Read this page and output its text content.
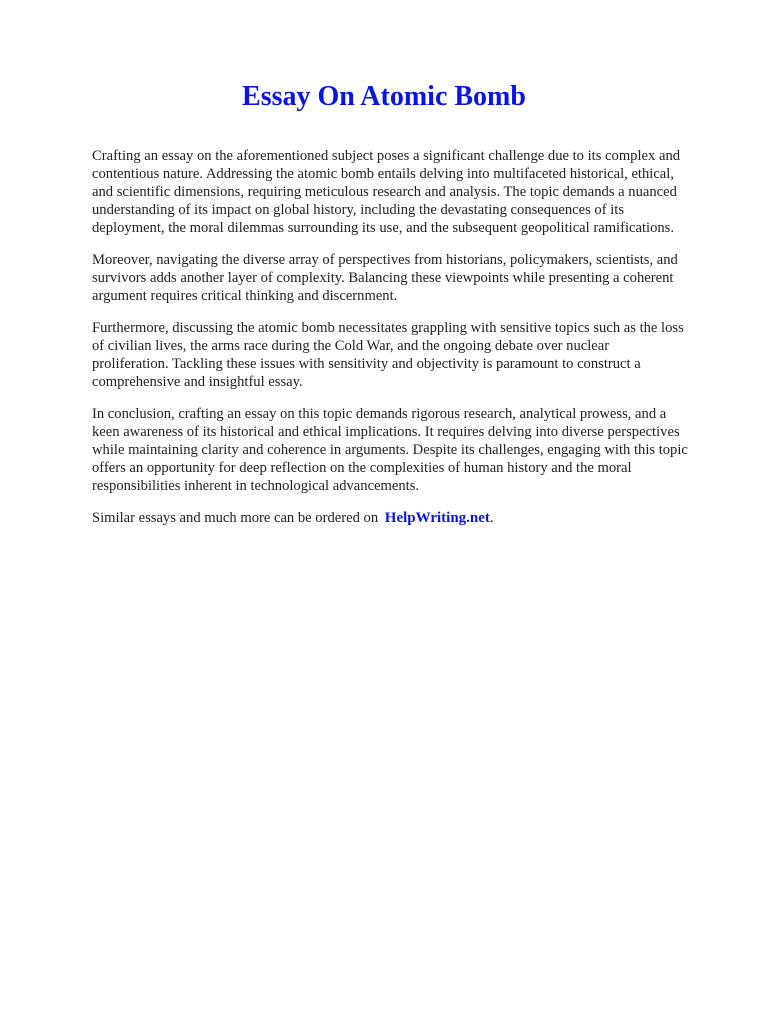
Essay On Atomic Bomb

Crafting an essay on the aforementioned subject poses a significant challenge due to its complex and
contentious nature. Addressing the atomic bomb entails delving into multifaceted historical, ethical,
and scientific dimensions, requiring meticulous research and analysis. The topic demands a nuanced
understanding of its impact on global history, including the devastating consequences of its
deployment, the moral dilemmas surrounding its use, and the subsequent geopolitical ramifications.

Moreover, navigating the diverse array of perspectives from historians, policymakers, scientists, and
survivors adds another layer of complexity. Balancing these viewpoints while presenting a coherent
argument requires critical thinking and discernment.

Furthermore, discussing the atomic bomb necessitates grappling with sensitive topics such as the loss
of civilian lives, the arms race during the Cold War, and the ongoing debate over nuclear
proliferation. Tackling these issues with sensitivity and objectivity is paramount to construct a
comprehensive and insightful essay.

In conclusion, crafting an essay on this topic demands rigorous research, analytical prowess, and a
keen awareness of its historical and ethical implications. It requires delving into diverse perspectives
while maintaining clarity and coherence in arguments. Despite its challenges, engaging with this topic
offers an opportunity for deep reflection on the complexities of human history and the moral
responsibilities inherent in technological advancements.

Similar essays and much more can be ordered on HelpWriting.net.
